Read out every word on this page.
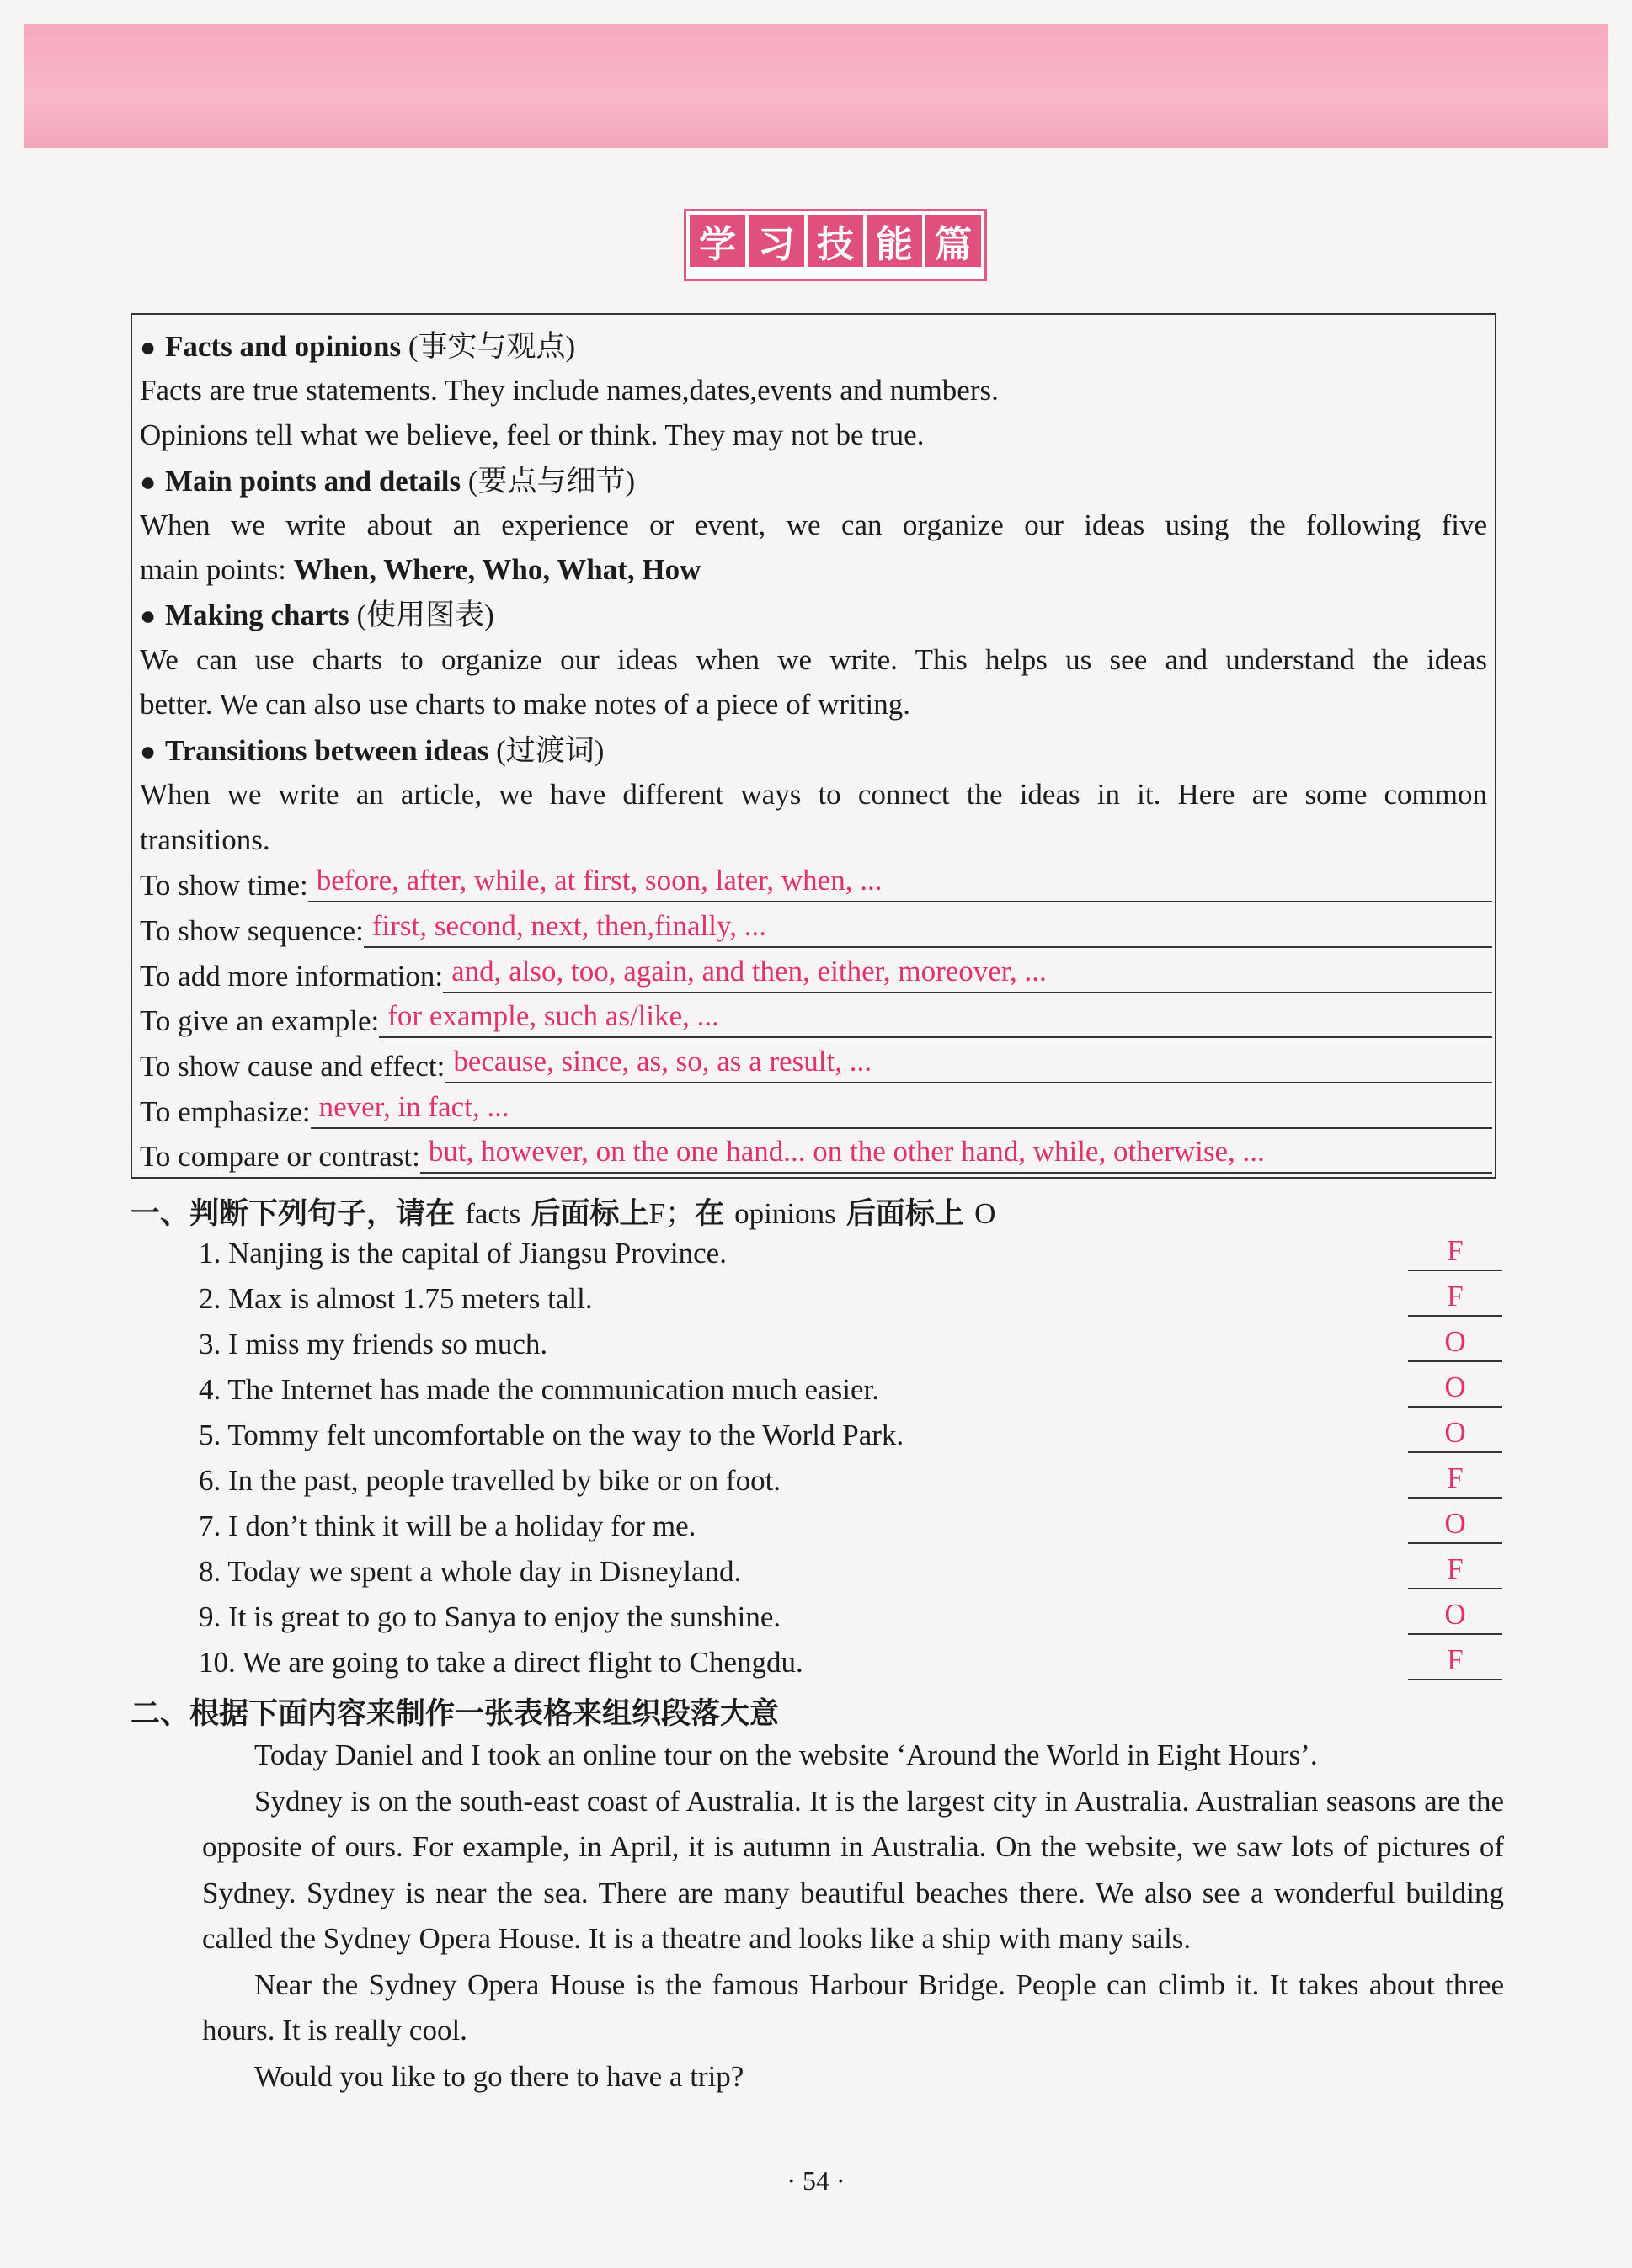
学 习 技 能 篇
● Facts and opinions (事实与观点)
Facts are true statements. They include names,dates,events and numbers.
Opinions tell what we believe, feel or think. They may not be true.
● Main points and details (要点与细节)
When we write about an experience or event, we can organize our ideas using the following five
main points: When, Where, Who, What, How
● Making charts (使用图表)
We can use charts to organize our ideas when we write. This helps us see and understand the ideas
better. We can also use charts to make notes of a piece of writing.
● Transitions between ideas (过渡词)
When we write an article, we have different ways to connect the ideas in it. Here are some common
transitions.
To show time: before, after, while, at first, soon, later, when, ...
To show sequence: first, second, next, then,finally, ...
To add more information: and, also, too, again, and then, either, moreover, ...
To give an example: for example, such as/like, ...
To show cause and effect: because, since, as, so, as a result, ...
To emphasize: never, in fact, ...
To compare or contrast: but, however, on the one hand... on the other hand, while, otherwise, ...
一、判断下列句子，请在 facts 后面标上F；在 opinions 后面标上 O
1. Nanjing is the capital of Jiangsu Province.	F
2. Max is almost 1.75 meters tall.	F
3. I miss my friends so much.	O
4. The Internet has made the communication much easier.	O
5. Tommy felt uncomfortable on the way to the World Park.	O
6. In the past, people travelled by bike or on foot.	F
7. I don’t think it will be a holiday for me.	O
8. Today we spent a whole day in Disneyland.	F
9. It is great to go to Sanya to enjoy the sunshine.	O
10. We are going to take a direct flight to Chengdu.	F
二、根据下面内容来制作一张表格来组织段落大意

Today Daniel and I took an online tour on the website ‘Around the World in Eight Hours’.

Sydney is on the south-east coast of Australia. It is the largest city in Australia. Australian seasons are the opposite of ours. For example, in April, it is autumn in Australia. On the website, we saw lots of pictures of Sydney. Sydney is near the sea. There are many beautiful beaches there. We also see a wonderful building called the Sydney Opera House. It is a theatre and looks like a ship with many sails.

Near the Sydney Opera House is the famous Harbour Bridge. People can climb it. It takes about three hours. It is really cool.

Would you like to go there to have a trip?

· 54 ·
